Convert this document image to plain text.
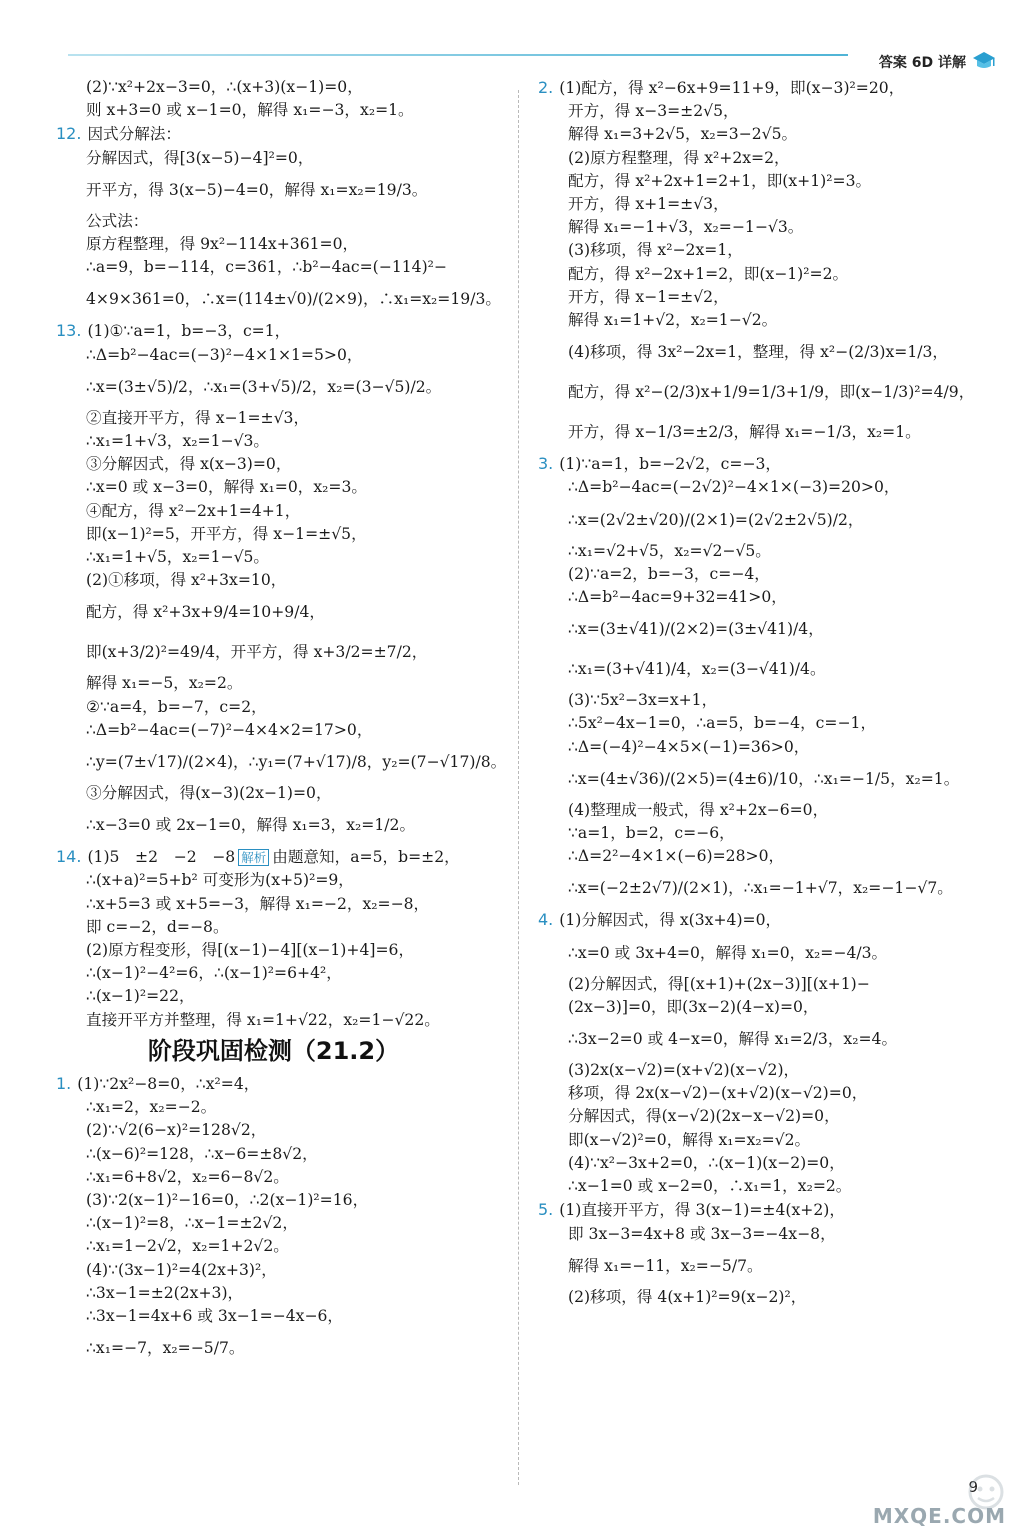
答案 6D 详解
(2)∵x²+2x−3=0，∴(x+3)(x−1)=0，
则 x+3=0 或 x−1=0，解得 x₁=−3，x₂=1。
12. 因式分解法：
分解因式，得[3(x−5)−4]²=0，
开平方，得 3(x−5)−4=0，解得 x₁=x₂=19/3。
公式法：
原方程整理，得 9x²−114x+361=0，
∴a=9，b=−114，c=361，∴b²−4ac=(−114)²−
4×9×361=0，∴x=(114±√0)/(2×9)，∴x₁=x₂=19/3。
13. (1)①∵a=1，b=−3，c=1，
∴Δ=b²−4ac=(−3)²−4×1×1=5>0，
∴x=(3±√5)/2，∴x₁=(3+√5)/2，x₂=(3−√5)/2。
②直接开平方，得 x−1=±√3，
∴x₁=1+√3，x₂=1−√3。
③分解因式，得 x(x−3)=0，
∴x=0 或 x−3=0，解得 x₁=0，x₂=3。
④配方，得 x²−2x+1=4+1，
即(x−1)²=5，开平方，得 x−1=±√5，
∴x₁=1+√5，x₂=1−√5。
(2)①移项，得 x²+3x=10，
配方，得 x²+3x+9/4=10+9/4，
即(x+3/2)²=49/4，开平方，得 x+3/2=±7/2，
解得 x₁=−5，x₂=2。
②∵a=4，b=−7，c=2，
∴Δ=b²−4ac=(−7)²−4×4×2=17>0，
∴y=(7±√17)/(2×4)，∴y₁=(7+√17)/8，y₂=(7−√17)/8。
③分解因式，得(x−3)(2x−1)=0，
∴x−3=0 或 2x−1=0，解得 x₁=3，x₂=1/2。
14. (1)5　±2　−2　−8 解析 由题意知，a=5，b=±2，
∴(x+a)²=5+b² 可变形为(x+5)²=9，
∴x+5=3 或 x+5=−3，解得 x₁=−2，x₂=−8，
即 c=−2，d=−8。
(2)原方程变形，得[(x−1)−4][(x−1)+4]=6，
∴(x−1)²−4²=6，∴(x−1)²=6+4²，
∴(x−1)²=22，
直接开平方并整理，得 x₁=1+√22，x₂=1−√22。
阶段巩固检测（21.2）
1. (1)∵2x²−8=0，∴x²=4，
∴x₁=2，x₂=−2。
(2)∵√2(6−x)²=128√2，
∴(x−6)²=128，∴x−6=±8√2，
∴x₁=6+8√2，x₂=6−8√2。
(3)∵2(x−1)²−16=0，∴2(x−1)²=16，
∴(x−1)²=8，∴x−1=±2√2，
∴x₁=1−2√2，x₂=1+2√2。
(4)∵(3x−1)²=4(2x+3)²，
∴3x−1=±2(2x+3)，
∴3x−1=4x+6 或 3x−1=−4x−6，
∴x₁=−7，x₂=−5/7。
2. (1)配方，得 x²−6x+9=11+9，即(x−3)²=20，
开方，得 x−3=±2√5，
解得 x₁=3+2√5，x₂=3−2√5。
(2)原方程整理，得 x²+2x=2，
配方，得 x²+2x+1=2+1，即(x+1)²=3。
开方，得 x+1=±√3，
解得 x₁=−1+√3，x₂=−1−√3。
(3)移项，得 x²−2x=1，
配方，得 x²−2x+1=2，即(x−1)²=2。
开方，得 x−1=±√2，
解得 x₁=1+√2，x₂=1−√2。
(4)移项，得 3x²−2x=1，整理，得 x²−(2/3)x=1/3，
配方，得 x²−(2/3)x+1/9=1/3+1/9，即(x−1/3)²=4/9，
开方，得 x−1/3=±2/3，解得 x₁=−1/3，x₂=1。
3. (1)∵a=1，b=−2√2，c=−3，
∴Δ=b²−4ac=(−2√2)²−4×1×(−3)=20>0，
∴x=(2√2±√20)/(2×1)=(2√2±2√5)/2，
∴x₁=√2+√5，x₂=√2−√5。
(2)∵a=2，b=−3，c=−4，
∴Δ=b²−4ac=9+32=41>0，
∴x=(3±√41)/(2×2)=(3±√41)/4，
∴x₁=(3+√41)/4，x₂=(3−√41)/4。
(3)∵5x²−3x=x+1，
∴5x²−4x−1=0，∴a=5，b=−4，c=−1，
∴Δ=(−4)²−4×5×(−1)=36>0，
∴x=(4±√36)/(2×5)=(4±6)/10，∴x₁=−1/5，x₂=1。
(4)整理成一般式，得 x²+2x−6=0，
∵a=1，b=2，c=−6，
∴Δ=2²−4×1×(−6)=28>0，
∴x=(−2±2√7)/(2×1)，∴x₁=−1+√7，x₂=−1−√7。
4. (1)分解因式，得 x(3x+4)=0，
∴x=0 或 3x+4=0，解得 x₁=0，x₂=−4/3。
(2)分解因式，得[(x+1)+(2x−3)][(x+1)−
(2x−3)]=0，即(3x−2)(4−x)=0，
∴3x−2=0 或 4−x=0，解得 x₁=2/3，x₂=4。
(3)2x(x−√2)=(x+√2)(x−√2)，
移项，得 2x(x−√2)−(x+√2)(x−√2)=0，
分解因式，得(x−√2)(2x−x−√2)=0，
即(x−√2)²=0，解得 x₁=x₂=√2。
(4)∵x²−3x+2=0，∴(x−1)(x−2)=0，
∴x−1=0 或 x−2=0，∴x₁=1，x₂=2。
5. (1)直接开平方，得 3(x−1)=±4(x+2)，
即 3x−3=4x+8 或 3x−3=−4x−8，
解得 x₁=−11，x₂=−5/7。
(2)移项，得 4(x+1)²=9(x−2)²，
9
MXQE.COM
